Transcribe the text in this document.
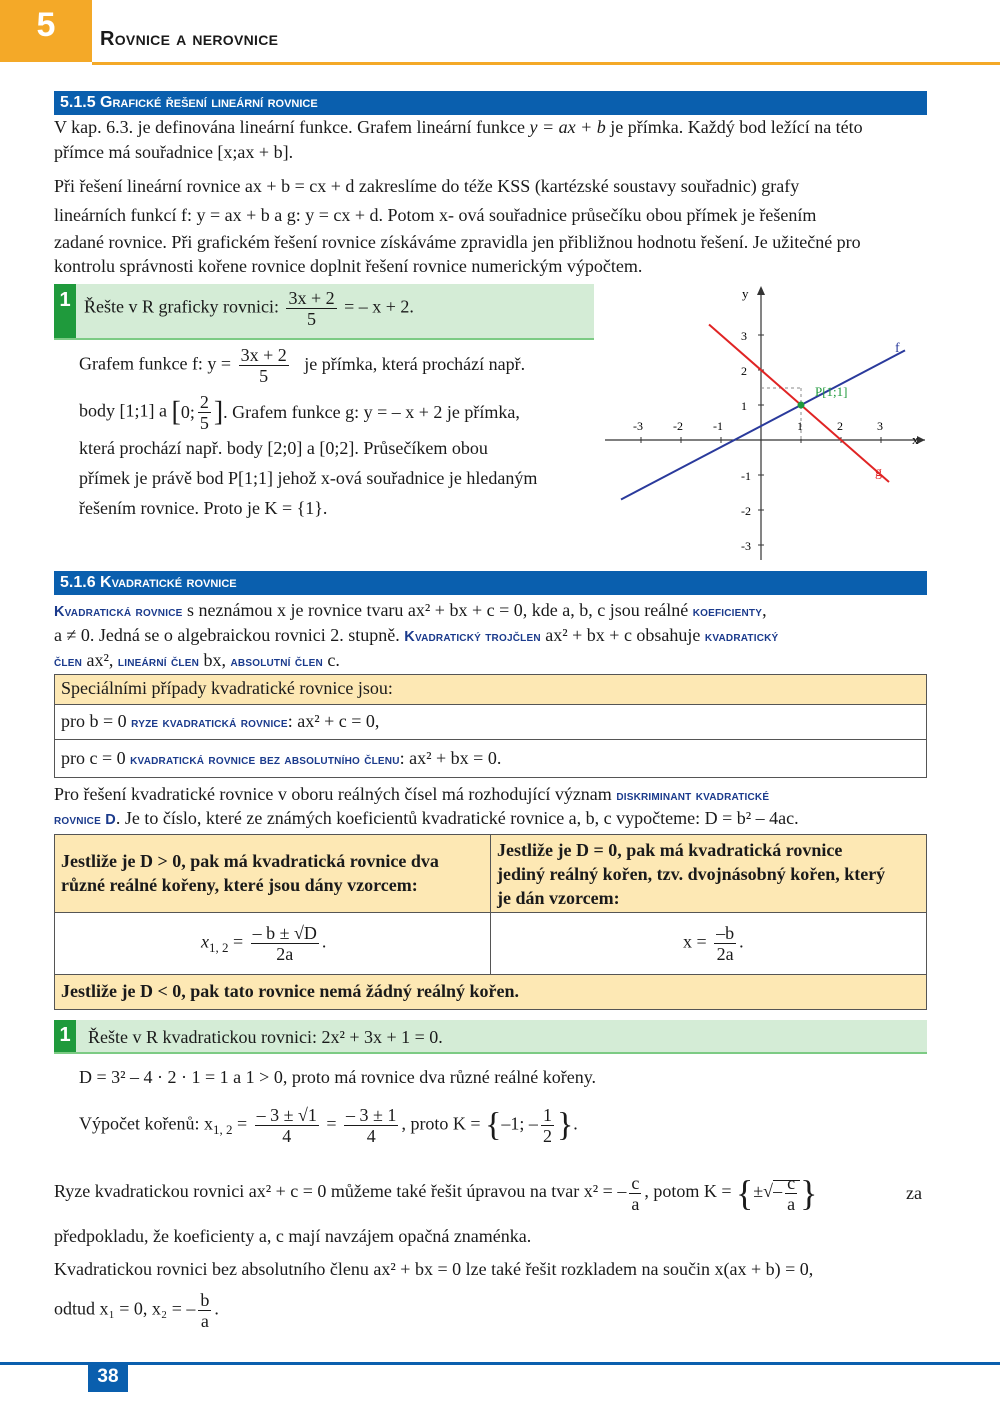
5	Rovnice a nerovnice
5.1.5 Grafické řešení lineární rovnice
V kap. 6.3. je definována lineární funkce. Grafem lineární funkce y = ax + b je přímka. Každý bod ležící na této
přímce má souřadnice [x;ax + b].
Při řešení lineární rovnice ax + b = cx + d zakreslíme do téže KSS (kartézské soustavy souřadnic) grafy
lineárních funkcí f: y = ax + b a g: y = cx + d. Potom x- ová souřadnice průsečíku obou přímek je řešením
zadané rovnice. Při grafickém řešení rovnice získáváme zpravidla jen přibližnou hodnotu řešení. Je užitečné pro
kontrolu správnosti kořene rovnice doplnit řešení rovnice numerickým výpočtem.
1 Řešte v R graficky rovnici: $\frac{3x + 2}{5}$ = – x + 2.
Grafem funkce f: $y = \frac{3x + 2}{5}$ je přímka, která prochází např.
body [1;1] a [0; $\frac{2}{5}$ ]. Grafem funkce g: y = – x + 2 je přímka,
která prochází např. body [2;0] a [0;2]. Průsečíkem obou
přímek je právě bod P[1;1] jehož x-ová souřadnice je hledaným
řešením rovnice. Proto je K = {1}.
y
x
-3	-2	-1	1	2	3
3
2
1
-1
-2
-3
P[1;1]
f
g
5.1.6 Kvadratické rovnice
Kvadratická rovnice s neznámou x je rovnice tvaru ax² + bx + c = 0, kde a, b, c jsou reálné koeficienty,
a ≠ 0. Jedná se o algebraickou rovnici 2. stupně. Kvadratický trojčlen ax² + bx + c obsahuje kvadratický
člen ax², lineární člen bx, absolutní člen c.
Speciálními případy kvadratické rovnice jsou:
pro b = 0 ryze kvadratická rovnice: ax² + c = 0,
pro c = 0 kvadratická rovnice bez absolutního členu: ax² + bx = 0.
Pro řešení kvadratické rovnice v oboru reálných čísel má rozhodující význam diskriminant kvadratické
rovnice D. Je to číslo, které ze známých koeficientů kvadratické rovnice a, b, c vypočteme: D = b² – 4ac.
Jestliže je D > 0, pak má kvadratická rovnice dva
různé reálné kořeny, které jsou dány vzorcem:
Jestliže je D = 0, pak má kvadratická rovnice
jediný reálný kořen, tzv. dvojnásobný kořen, který
je dán vzorcem:
$x_{1, 2} = \frac{- b \pm √D}{2a}$ .	$x = \frac{-b}{2a}$ .
Jestliže je D < 0, pak tato rovnice nemá žádný reálný kořen.
1 Řešte v R kvadratickou rovnici: 2x² + 3x + 1 = 0.
D = 3² – 4 · 2 · 1 = 1 a 1 > 0, proto má rovnice dva různé reálné kořeny.
Výpočet kořenů: $x_{1, 2} = \frac{- 3 \pm √1}{4} = \frac{- 3 \pm 1}{4}$ , proto K = {–1; – $\frac{1}{2}$ }.
Ryze kvadratickou rovnici ax² + c = 0 můžeme také řešit úpravou na tvar x² = – $\frac{c}{a}$ , potom K = {±√– $\frac{c}{a}$ }	za
předpokladu, že koeficienty a, c mají navzájem opačná znaménka.
Kvadratickou rovnici bez absolutního členu ax² + bx = 0 lze také řešit rozkladem na součin x(ax + b) = 0,
odtud x₁ = 0, x₂ = – $\frac{b}{a}$ .
38
